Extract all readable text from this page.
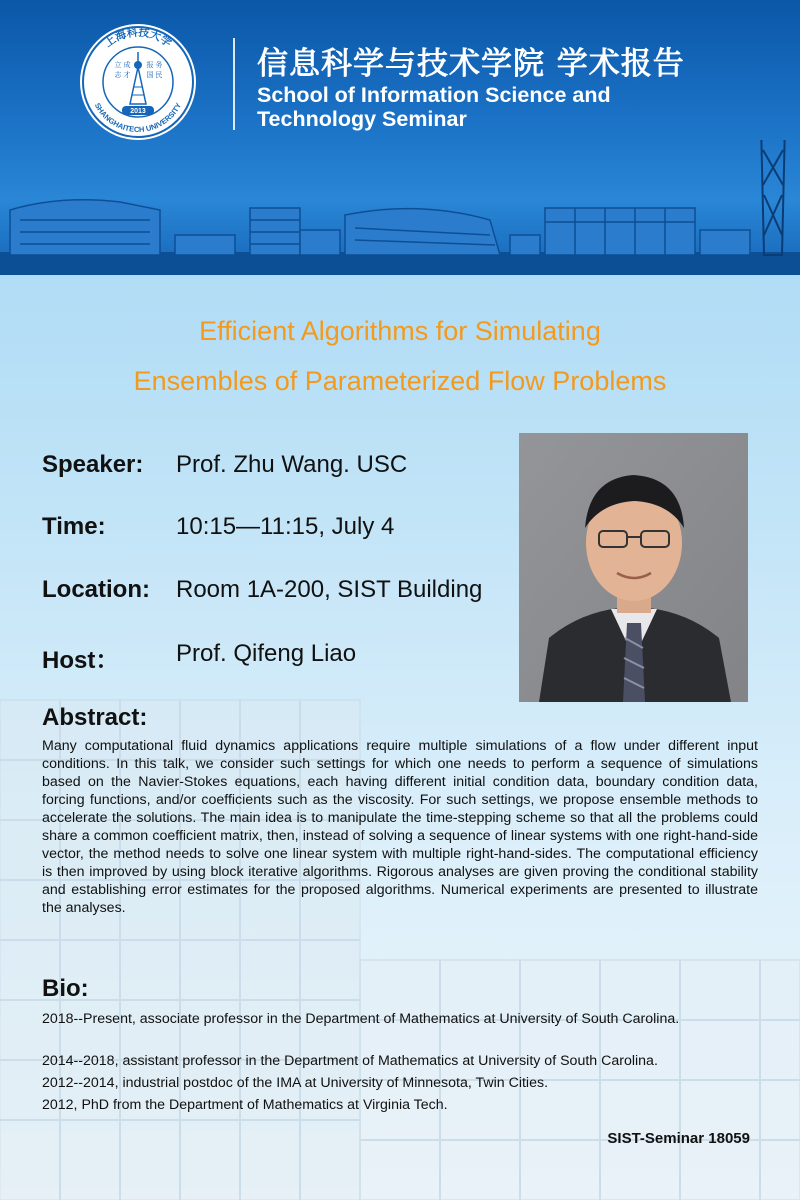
上海科技大学
SHANGHAITECH UNIVERSITY
立 成
志 才
报 务
国 民
2013

信息科学与技术学院 学术报告

School of Information Science and
Technology Seminar

Efficient Algorithms for Simulating
Ensembles of Parameterized Flow Problems

Speaker: Prof. Zhu Wang. USC

Time:	10:15—11:15, July 4

Location: Room 1A-200, SIST Building

Host： Prof. Qifeng Liao

Abstract:

Many computational fluid dynamics applications require multiple simulations of a flow under different input conditions. In this talk, we consider such settings for which one needs to perform a sequence of simulations based on the Navier-Stokes equations, each having different initial condition data, boundary condition data, forcing functions, and/or coefficients such as the viscosity. For such settings, we propose ensemble methods to accelerate the solutions. The main idea is to manipulate the time-stepping scheme so that all the problems could share a common coefficient matrix, then, instead of solving a sequence of linear systems with one right-hand-side vector, the method needs to solve one linear system with multiple right-hand-sides. The computational efficiency is then improved by using block iterative algorithms. Rigorous analyses are given proving the conditional stability and establishing error estimates for the proposed algorithms. Numerical experiments are presented to illustrate the analyses.

Bio:

2018--Present, associate professor in the Department of Mathematics at University of South Carolina.

2014--2018, assistant professor in the Department of Mathematics at University of South Carolina.

2012--2014, industrial postdoc of the IMA at University of Minnesota, Twin Cities.

2012, PhD from the Department of Mathematics at Virginia Tech.

SIST-Seminar 18059
